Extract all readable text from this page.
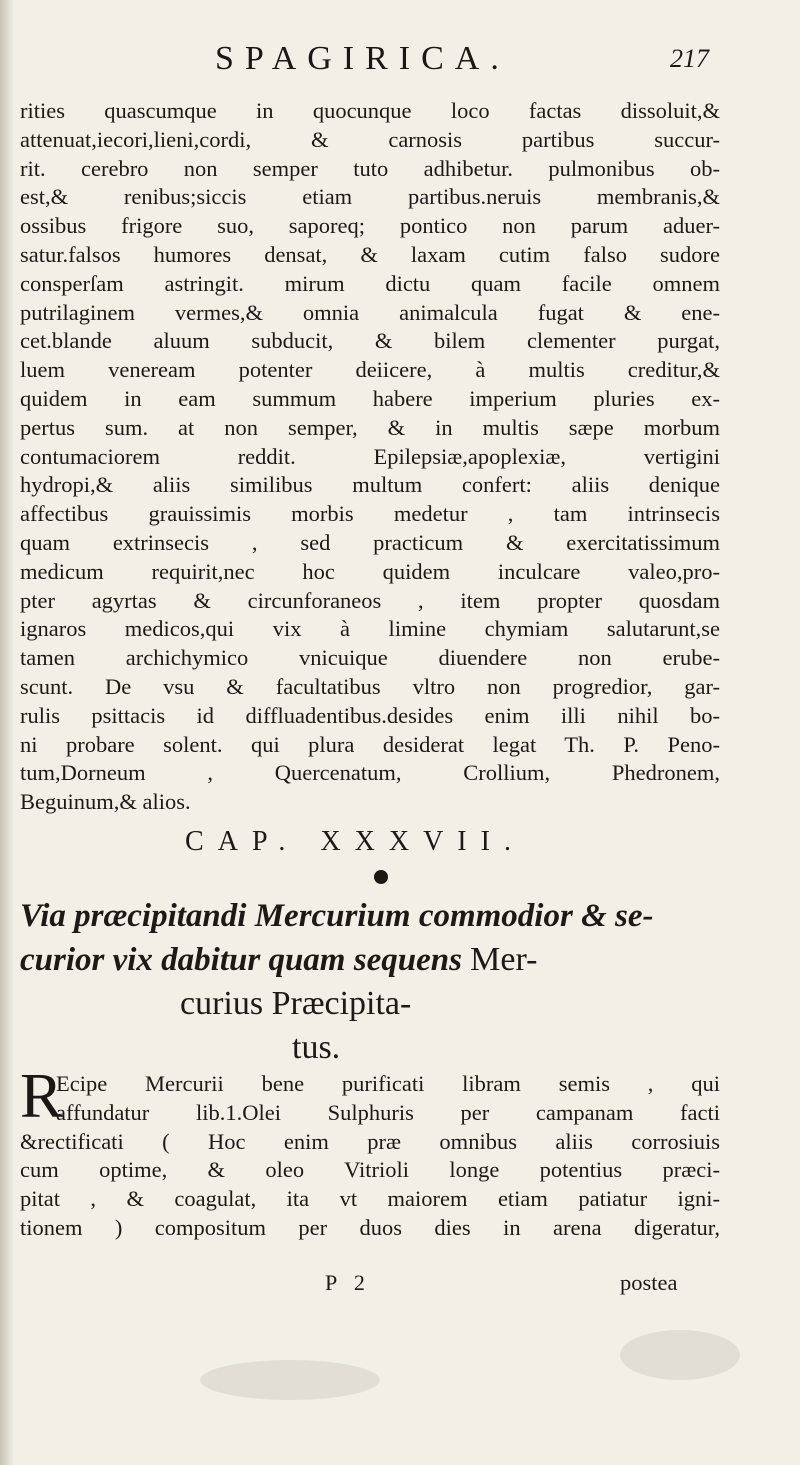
SPAGIRICA.	217
rities quascumque in quocunque loco factas dissoluit,&
attenuat,iecori,lieni,cordi, & carnosis partibus succur-
rit. cerebro non semper tuto adhibetur. pulmonibus ob-
est,& renibus;siccis etiam partibus.neruis membranis,&
ossibus frigore suo, saporeq; pontico non parum aduer-
satur.falsos humores densat, & laxam cutim falso sudore
consperſam astringit. mirum dictu quam facile omnem
putrilaginem vermes,& omnia animalcula fugat & ene-
cet.blande aluum subducit, & bilem clementer purgat,
luem veneream potenter deiicere, à multis creditur,&
quidem in eam summum habere imperium pluries ex-
pertus sum. at non semper, & in multis sæpe morbum
contumaciorem reddit. Epilepsiæ,apoplexiæ, vertigini
hydropi,& aliis similibus multum confert: aliis denique
affectibus grauissimis morbis medetur , tam intrinsecis
quam extrinsecis , sed practicum & exercitatissimum
medicum requirit,nec hoc quidem inculcare valeo,pro-
pter agyrtas & circunforaneos , item propter quosdam
ignaros medicos,qui vix à limine chymiam salutarunt,se
tamen archichymico vnicuique diuendere non erube-
scunt. De vsu & facultatibus vltro non progredior, gar-
rulis psittacis id diffluadentibus.desides enim illi nihil bo-
ni probare solent. qui plura desiderat legat Th. P. Peno-
tum,Dorneum , Quercenatum, Crollium, Phedronem,
Beguinum,& alios.
CAP. XXXVII.
Via præcipitandi Mercurium commodior & se-
curior vix dabitur quam sequens Mer-
curius Præcipita-
tus.
R
Ecipe Mercurii bene purificati libram semis , qui
affundatur lib.1.Olei Sulphuris per campanam facti
&rectificati ( Hoc enim præ omnibus aliis corrosiuis
cum optime, & oleo Vitrioli longe potentius præci-
pitat , & coagulat, ita vt maiorem etiam patiatur igni-
tionem ) compositum per duos dies in arena digeratur,
P 2	postea
